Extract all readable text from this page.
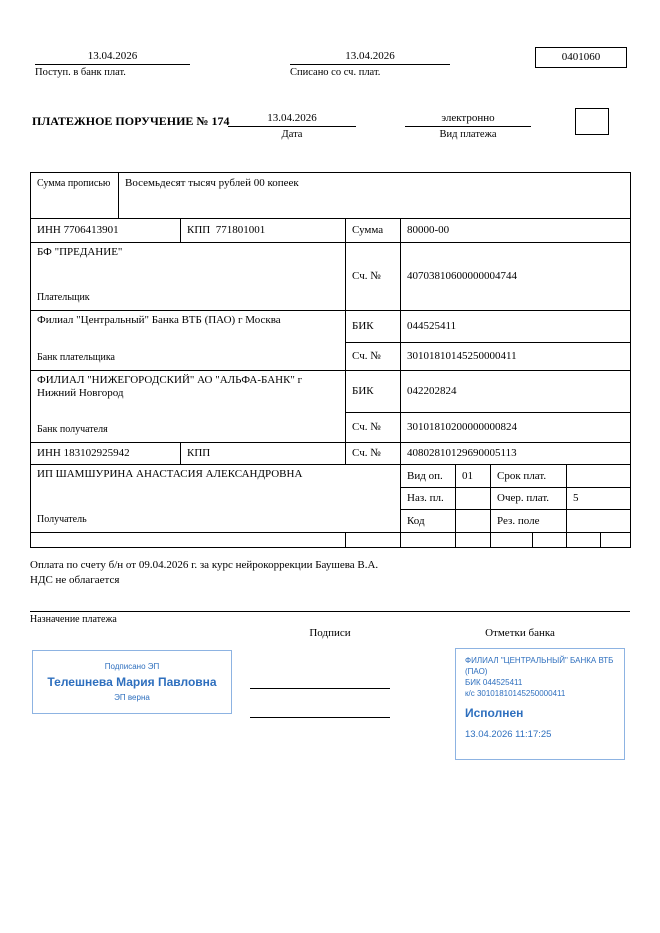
13.04.2026
Поступ. в банк плат.
13.04.2026
Списано со сч. плат.
0401060
ПЛАТЕЖНОЕ ПОРУЧЕНИЕ № 174	13.04.2026
Дата
электронно
Вид платежа
Сумма прописью	Восемьдесят тысяч рублей 00 копеек								
ИНН 7706413901		КПП  771801001	Сумма	80000-00					

БФ "ПРЕДАНИЕ"
Плательщик			Сч. №	40703810600000004744					

Филиал "Центральный" Банка ВТБ (ПАО) г Москва
Банк плательщика			БИК	044525411					
			Сч. №	30101810145250000411					

ФИЛИАЛ "НИЖЕГОРОДСКИЙ" АО "АЛЬФА-БАНК" г Нижний Новгород
Банк получателя			БИК	042202824					
			Сч. №	30101810200000000824					
ИНН 183102925942		КПП	Сч. №	40802810129690005113					

ИП ШАМШУРИНА АНАСТАСИЯ АЛЕКСАНДРОВНА
Получатель				Вид оп.	01	Срок плат.			
				Наз. пл.		Очер. плат.		5	
				Код		Рез. поле			

Оплата по счету б/н от 09.04.2026 г. за курс нейрокоррекции Баушева В.А.
НДС не облагается
Назначение платежа
Подписи	Отметки банка
Подписано ЭП
Телешнева Мария Павловна
ЭП верна
ФИЛИАЛ "ЦЕНТРАЛЬНЫЙ" БАНКА ВТБ (ПАО)
БИК 044525411
к/с 30101810145250000411
Исполнен
13.04.2026 11:17:25
